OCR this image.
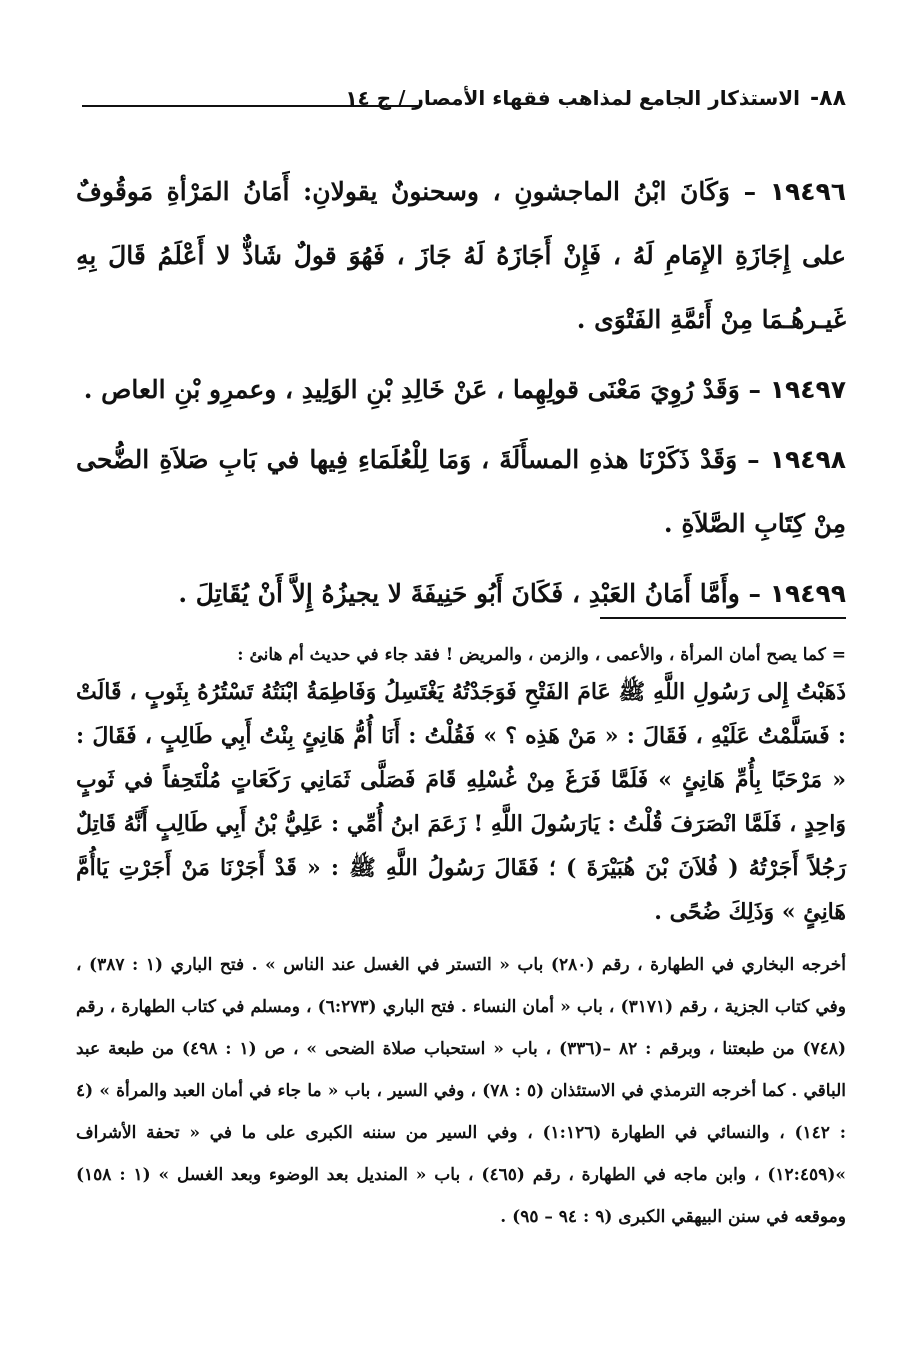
٨٨-
الاستذكار الجامع لمذاهب فقهاء الأمصار / ج ١٤

١٩٤٩٦ – وَكَانَ ابْنُ الماجشونِ ، وسحنونٌ يقولانِ: أَمَانُ المَرْأةِ مَوقُوفٌ على إِجَازَةِ الإِمَامِ لَهُ ، فَإِنْ أَجَازَهُ لَهُ جَازَ ، فَهُوَ قولٌ شَاذٌّ لا أَعْلَمُ قَالَ بِهِ غَيـرهُـمَا مِنْ أَئمَّةِ الفَتْوَى .

١٩٤٩٧ – وَقَدْ رُوِيَ مَعْنَى قولِهِما ، عَنْ خَالِدِ بْنِ الوَلِيدِ ، وعمرِو بْنِ العاص .

١٩٤٩٨ – وَقَدْ ذَكَرْنَا هذهِ المسأَلَةَ ، وَمَا لِلْعُلَمَاءِ فِيها في بَابِ صَلاَةِ الضُّحى مِنْ كِتَابِ الصَّلاَةِ .

١٩٤٩٩ – وأَمَّا أَمَانُ العَبْدِ ، فَكَانَ أَبُو حَنِيفَةَ لا يجيزُهُ إِلاَّ أَنْ يُقَاتِلَ .

= كما يصح أمان المرأة ، والأعمى ، والزمن ، والمريض ! فقد جاء في حديث أم هانئ :

ذَهَبْتُ إِلى رَسُولِ اللَّهِ ﷺ عَامَ الفَتْحِ فَوَجَدْتُهُ يَغْتَسِلُ وَفَاطِمَةُ ابْنَتُهُ تَسْتُرُهُ بِثَوبٍ ، قَالَتْ : فَسَلَّمْتُ عَلَيْهِ ، فَقَالَ : « مَنْ هَذِه ؟ » فَقُلْتُ : أَنَا أُمُّ هَانِئٍ بِنْتُ أَبِي طَالِبٍ ، فَقَالَ : « مَرْحَبًا بِأُمِّ هَانِئٍ » فَلَمَّا فَرَغَ مِنْ غُسْلِهِ قَامَ فَصَلَّى ثَمَانِي رَكَعَاتٍ مُلْتَحِفاً في ثَوبٍ وَاحِدٍ ، فَلَمَّا انْصَرَفَ قُلْتُ : يَارَسُولَ اللَّهِ ! زَعَمَ ابنُ أُمِّي : عَلِيُّ بْنُ أَبِي طَالِبٍ أَنَّهُ قَاتِلٌ رَجُلاً أَجَرْتُهُ ( فُلاَنَ بْنَ هُبَيْرَةَ ) ؛ فَقَالَ رَسُولُ اللَّهِ ﷺ : « قَدْ أَجَرْنَا مَنْ أَجَرْتِ يَاأُمَّ هَانِئٍ » وَذَلِكَ ضُحًى .

أخرجه البخاري في الطهارة ، رقم (٢٨٠) باب « التستر في الغسل عند الناس » . فتح الباري (١ : ٣٨٧) ، وفي كتاب الجزية ، رقم (٣١٧١) ، باب « أمان النساء . فتح الباري (٦:٢٧٣) ، ومسلم في كتاب الطهارة ، رقم (٧٤٨) من طبعتنا ، وبرقم : ٨٢ –(٣٣٦) ، باب « استحباب صلاة الضحى » ، ص (١ : ٤٩٨) من طبعة عبد الباقي . كما أخرجه الترمذي في الاستئذان (٥ : ٧٨) ، وفي السير ، باب « ما جاء في أمان العبد والمرأة » (٤ : ١٤٢) ، والنسائي في الطهارة (١:١٢٦) ، وفي السير من سننه الكبرى على ما في « تحفة الأشراف »(١٢:٤٥٩) ، وابن ماجه في الطهارة ، رقم (٤٦٥) ، باب « المنديل بعد الوضوء وبعد الغسل » (١ : ١٥٨) وموقعه في سنن البيهقي الكبرى (٩ : ٩٤ – ٩٥) .
